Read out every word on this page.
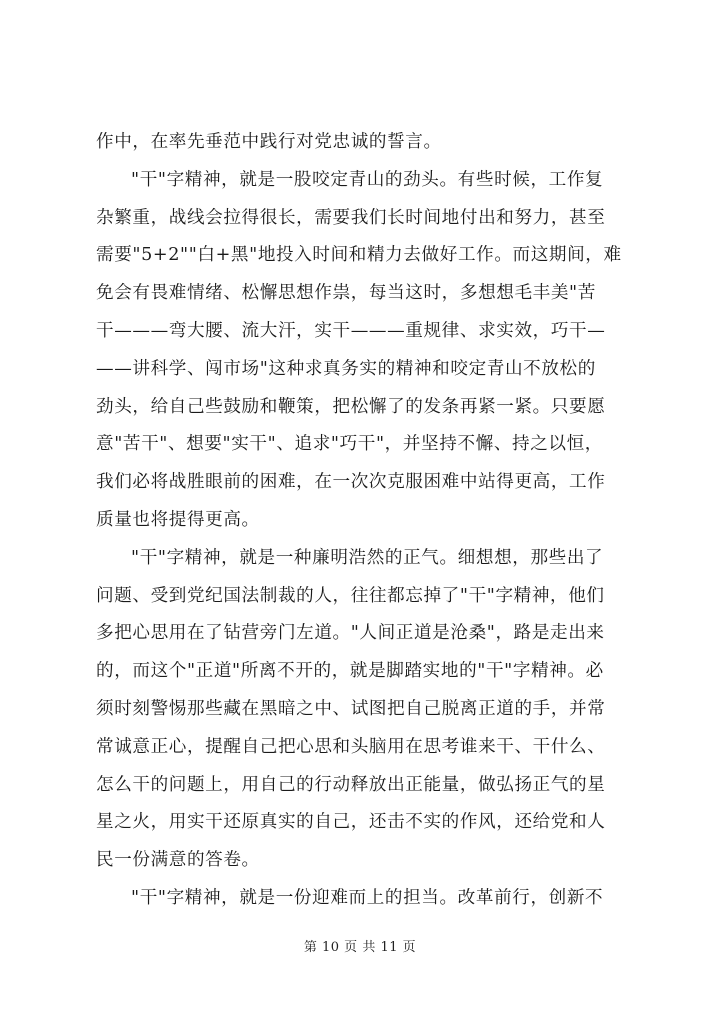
作中，在率先垂范中践行对党忠诚的誓言。
"干"字精神，就是一股咬定青山的劲头。有些时候，工作复
杂繁重，战线会拉得很长，需要我们长时间地付出和努力，甚至
需要"5+2""白+黑"地投入时间和精力去做好工作。而这期间，难
免会有畏难情绪、松懈思想作祟，每当这时，多想想毛丰美"苦
干———弯大腰、流大汗，实干———重规律、求实效，巧干—
——讲科学、闯市场"这种求真务实的精神和咬定青山不放松的
劲头，给自己些鼓励和鞭策，把松懈了的发条再紧一紧。只要愿
意"苦干"、想要"实干"、追求"巧干"，并坚持不懈、持之以恒，
我们必将战胜眼前的困难，在一次次克服困难中站得更高，工作
质量也将提得更高。
"干"字精神，就是一种廉明浩然的正气。细想想，那些出了
问题、受到党纪国法制裁的人，往往都忘掉了"干"字精神，他们
多把心思用在了钻营旁门左道。"人间正道是沧桑"，路是走出来
的，而这个"正道"所离不开的，就是脚踏实地的"干"字精神。必
须时刻警惕那些藏在黑暗之中、试图把自己脱离正道的手，并常
常诚意正心，提醒自己把心思和头脑用在思考谁来干、干什么、
怎么干的问题上，用自己的行动释放出正能量，做弘扬正气的星
星之火，用实干还原真实的自己，还击不实的作风，还给党和人
民一份满意的答卷。
"干"字精神，就是一份迎难而上的担当。改革前行，创新不
第 10 页 共 11 页
